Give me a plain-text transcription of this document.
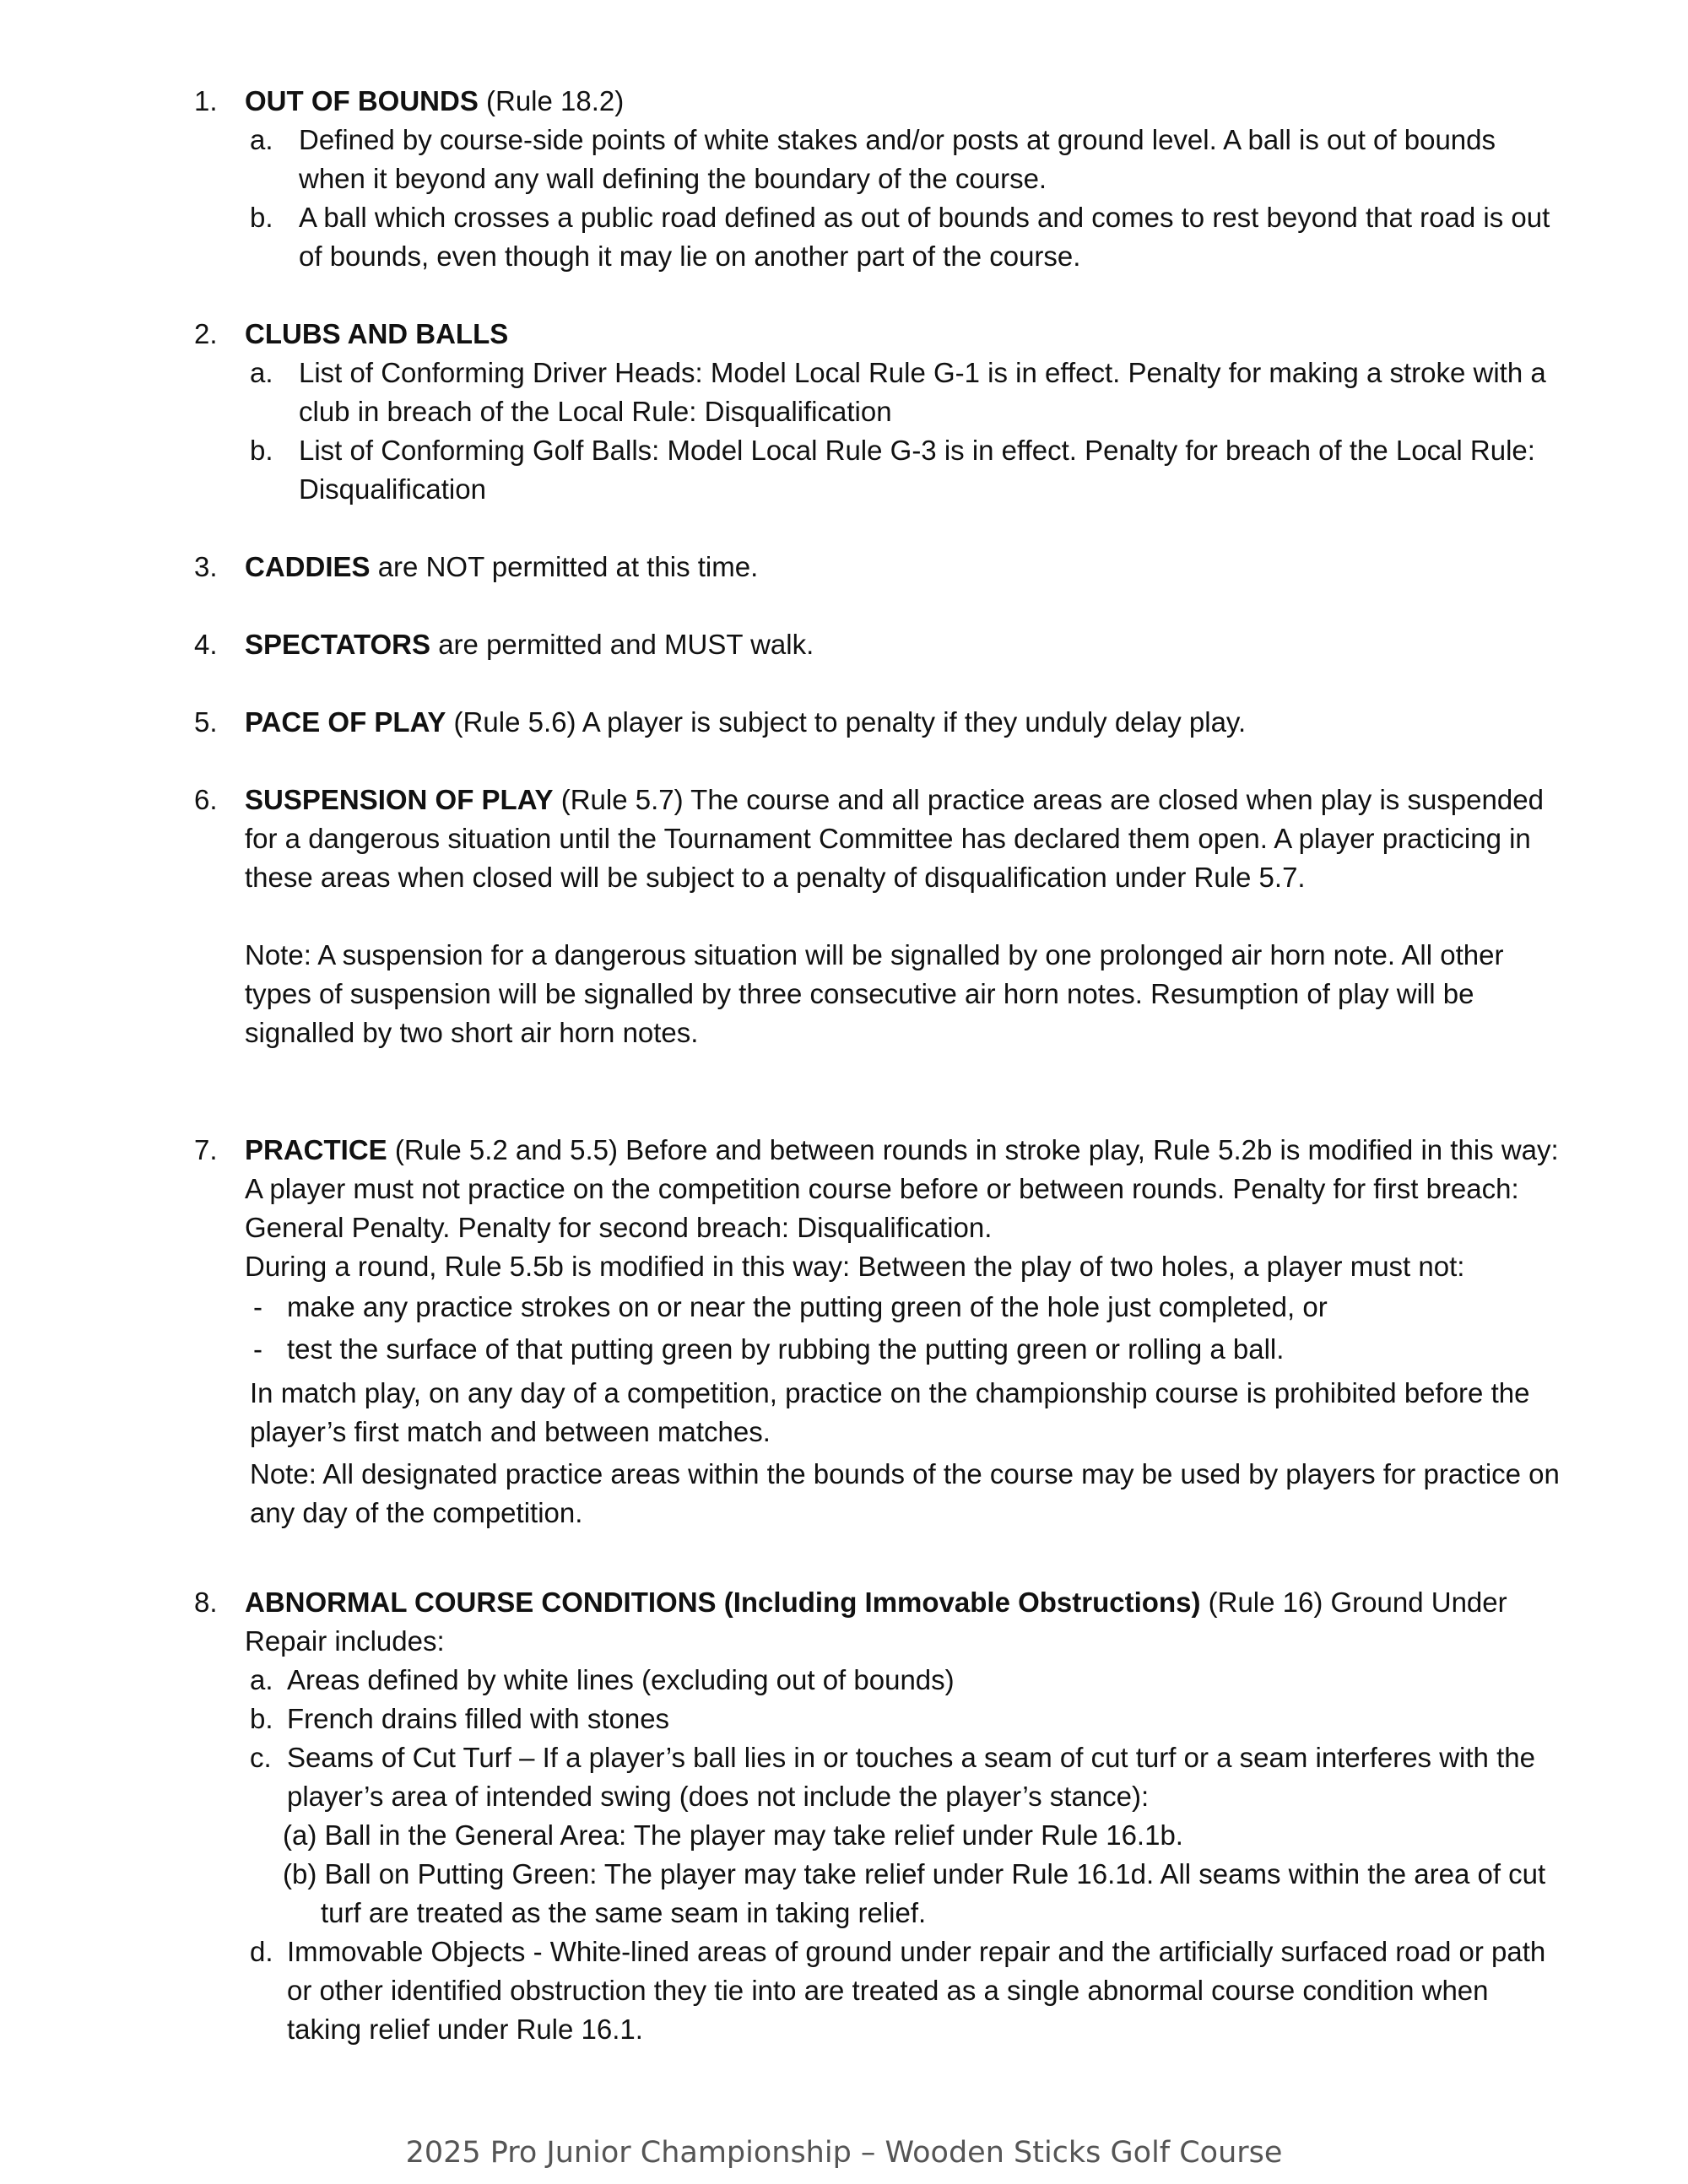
1. OUT OF BOUNDS (Rule 18.2)
a. Defined by course-side points of white stakes and/or posts at ground level. A ball is out of bounds when it beyond any wall defining the boundary of the course.
b. A ball which crosses a public road defined as out of bounds and comes to rest beyond that road is out of bounds, even though it may lie on another part of the course.
2. CLUBS AND BALLS
a. List of Conforming Driver Heads: Model Local Rule G-1 is in effect. Penalty for making a stroke with a club in breach of the Local Rule: Disqualification
b. List of Conforming Golf Balls: Model Local Rule G-3 is in effect. Penalty for breach of the Local Rule: Disqualification
3. CADDIES are NOT permitted at this time.
4. SPECTATORS are permitted and MUST walk.
5. PACE OF PLAY (Rule 5.6) A player is subject to penalty if they unduly delay play.
6. SUSPENSION OF PLAY (Rule 5.7) The course and all practice areas are closed when play is suspended for a dangerous situation until the Tournament Committee has declared them open. A player practicing in these areas when closed will be subject to a penalty of disqualification under Rule 5.7.
Note: A suspension for a dangerous situation will be signalled by one prolonged air horn note. All other types of suspension will be signalled by three consecutive air horn notes. Resumption of play will be signalled by two short air horn notes.
7. PRACTICE (Rule 5.2 and 5.5) Before and between rounds in stroke play, Rule 5.2b is modified in this way: A player must not practice on the competition course before or between rounds. Penalty for first breach: General Penalty. Penalty for second breach: Disqualification.
During a round, Rule 5.5b is modified in this way: Between the play of two holes, a player must not:
- make any practice strokes on or near the putting green of the hole just completed, or
- test the surface of that putting green by rubbing the putting green or rolling a ball.
In match play, on any day of a competition, practice on the championship course is prohibited before the player’s first match and between matches.
Note: All designated practice areas within the bounds of the course may be used by players for practice on any day of the competition.
8. ABNORMAL COURSE CONDITIONS (Including Immovable Obstructions) (Rule 16) Ground Under Repair includes:
a. Areas defined by white lines (excluding out of bounds)
b. French drains filled with stones
c. Seams of Cut Turf – If a player’s ball lies in or touches a seam of cut turf or a seam interferes with the player’s area of intended swing (does not include the player’s stance):
(a) Ball in the General Area: The player may take relief under Rule 16.1b.
(b) Ball on Putting Green: The player may take relief under Rule 16.1d. All seams within the area of cut turf are treated as the same seam in taking relief.
d. Immovable Objects - White-lined areas of ground under repair and the artificially surfaced road or path or other identified obstruction they tie into are treated as a single abnormal course condition when taking relief under Rule 16.1.
2025 Pro Junior Championship – Wooden Sticks Golf Course
